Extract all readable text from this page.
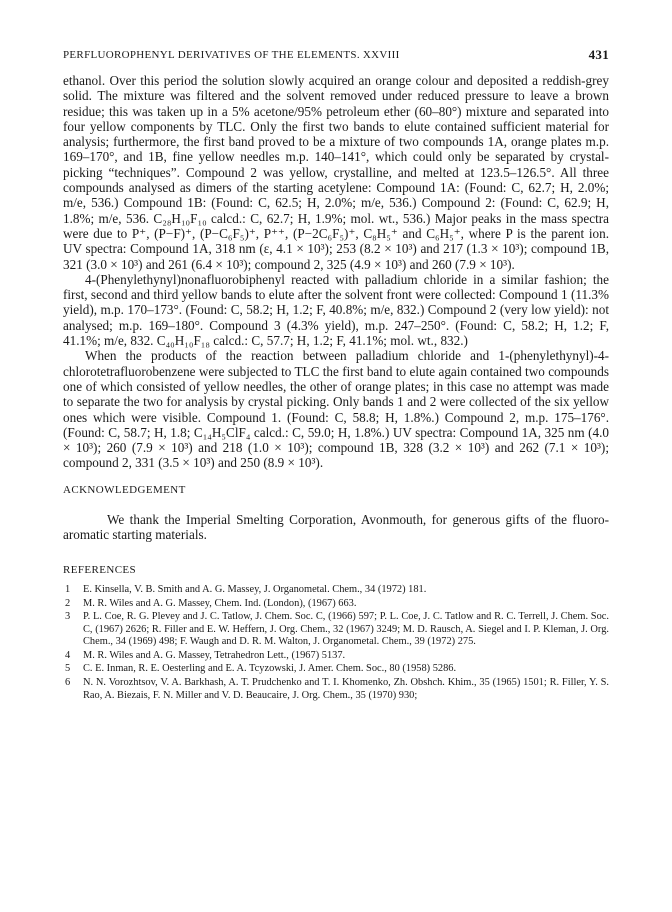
PERFLUOROPHENYL DERIVATIVES OF THE ELEMENTS. XXVIII	431

ethanol. Over this period the solution slowly acquired an orange colour and deposited a reddish-grey solid. The mixture was filtered and the solvent removed under reduced pressure to leave a brown residue; this was taken up in a 5% acetone/95% petroleum ether (60–80°) mixture and separated into four yellow components by TLC. Only the first two bands to elute contained sufficient material for analysis; furthermore, the first band proved to be a mixture of two compounds 1A, orange plates m.p. 169–170°, and 1B, fine yellow needles m.p. 140–141°, which could only be separated by crystal-picking “techniques”. Compound 2 was yellow, crystalline, and melted at 123.5–126.5°. All three compounds analysed as dimers of the starting acetylene: Compound 1A: (Found: C, 62.7; H, 2.0%; m/e, 536.) Compound 1B: (Found: C, 62.5; H, 2.0%; m/e, 536.) Compound 2: (Found: C, 62.9; H, 1.8%; m/e, 536. C₂₈H₁₀F₁₀ calcd.: C, 62.7; H, 1.9%; mol. wt., 536.) Major peaks in the mass spectra were due to P⁺, (P−F)⁺, (P−C₆F₅)⁺, P⁺⁺, (P−2C₆F₅)⁺, C₈H₅⁺ and C₆H₅⁺, where P is the parent ion. UV spectra: Compound 1A, 318 nm (ε, 4.1 × 10³); 253 (8.2 × 10³) and 217 (1.3 × 10³); compound 1B, 321 (3.0 × 10³) and 261 (6.4 × 10³); compound 2, 325 (4.9 × 10³) and 260 (7.9 × 10³).

4-(Phenylethynyl)nonafluorobiphenyl reacted with palladium chloride in a similar fashion; the first, second and third yellow bands to elute after the solvent front were collected: Compound 1 (11.3% yield), m.p. 170–173°. (Found: C, 58.2; H, 1.2; F, 40.8%; m/e, 832.) Compound 2 (very low yield): not analysed; m.p. 169–180°. Compound 3 (4.3% yield), m.p. 247–250°. (Found: C, 58.2; H, 1.2; F, 41.1%; m/e, 832. C₄₀H₁₀F₁₈ calcd.: C, 57.7; H, 1.2; F, 41.1%; mol. wt., 832.)

When the products of the reaction between palladium chloride and 1-(phenylethynyl)-4-chlorotetrafluorobenzene were subjected to TLC the first band to elute again contained two compounds one of which consisted of yellow needles, the other of orange plates; in this case no attempt was made to separate the two for analysis by crystal picking. Only bands 1 and 2 were collected of the six yellow ones which were visible. Compound 1. (Found: C, 58.8; H, 1.8%.) Compound 2, m.p. 175–176°. (Found: C, 58.7; H, 1.8; C₁₄H₅ClF₄ calcd.: C, 59.0; H, 1.8%.) UV spectra: Compound 1A, 325 nm (4.0 × 10³); 260 (7.9 × 10³) and 218 (1.0 × 10³); compound 1B, 328 (3.2 × 10³) and 262 (7.1 × 10³); compound 2, 331 (3.5 × 10³) and 250 (8.9 × 10³).

ACKNOWLEDGEMENT

We thank the Imperial Smelting Corporation, Avonmouth, for generous gifts of the fluoro-aromatic starting materials.

REFERENCES
1 E. Kinsella, V. B. Smith and A. G. Massey, J. Organometal. Chem., 34 (1972) 181.
2 M. R. Wiles and A. G. Massey, Chem. Ind. (London), (1967) 663.
3 P. L. Coe, R. G. Plevey and J. C. Tatlow, J. Chem. Soc. C, (1966) 597; P. L. Coe, J. C. Tatlow and R. C. Terrell, J. Chem. Soc. C, (1967) 2626; R. Filler and E. W. Heffern, J. Org. Chem., 32 (1967) 3249; M. D. Rausch, A. Siegel and I. P. Kleman, J. Org. Chem., 34 (1969) 498; F. Waugh and D. R. M. Walton, J. Organometal. Chem., 39 (1972) 275.
4 M. R. Wiles and A. G. Massey, Tetrahedron Lett., (1967) 5137.
5 C. E. Inman, R. E. Oesterling and E. A. Tcyzowski, J. Amer. Chem. Soc., 80 (1958) 5286.
6 N. N. Vorozhtsov, V. A. Barkhash, A. T. Prudchenko and T. I. Khomenko, Zh. Obshch. Khim., 35 (1965) 1501; R. Filler, Y. S. Rao, A. Biezais, F. N. Miller and V. D. Beaucaire, J. Org. Chem., 35 (1970) 930;
